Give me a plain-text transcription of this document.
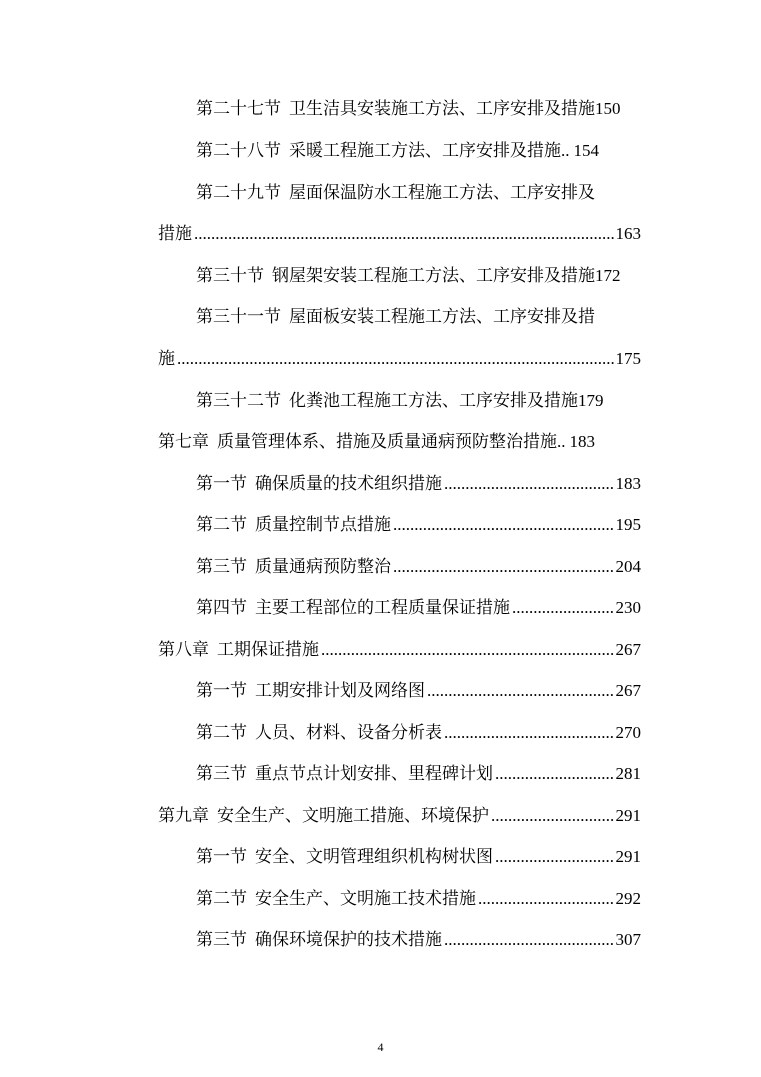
第二十七节 卫生洁具安装施工方法、工序安排及措施150
第二十八节 采暖工程施工方法、工序安排及措施.. 154
第二十九节 屋面保温防水工程施工方法、工序安排及
措施 .....	163
第三十节 钢屋架安装工程施工方法、工序安排及措施172
第三十一节 屋面板安装工程施工方法、工序安排及措
施 .....	175
第三十二节 化粪池工程施工方法、工序安排及措施179
第七章 质量管理体系、措施及质量通病预防整治措施.. 183
第一节 确保质量的技术组织措施 .....	183
第二节 质量控制节点措施 .....	195
第三节 质量通病预防整治 .....	204
第四节 主要工程部位的工程质量保证措施 .....	230
第八章 工期保证措施 .....	267
第一节 工期安排计划及网络图 .....	267
第二节 人员、材料、设备分析表 .....	270
第三节 重点节点计划安排、里程碑计划 .....	281
第九章 安全生产、文明施工措施、环境保护 .....	291
第一节 安全、文明管理组织机构树状图 .....	291
第二节 安全生产、文明施工技术措施 .....	292
第三节 确保环境保护的技术措施 .....	307
4
